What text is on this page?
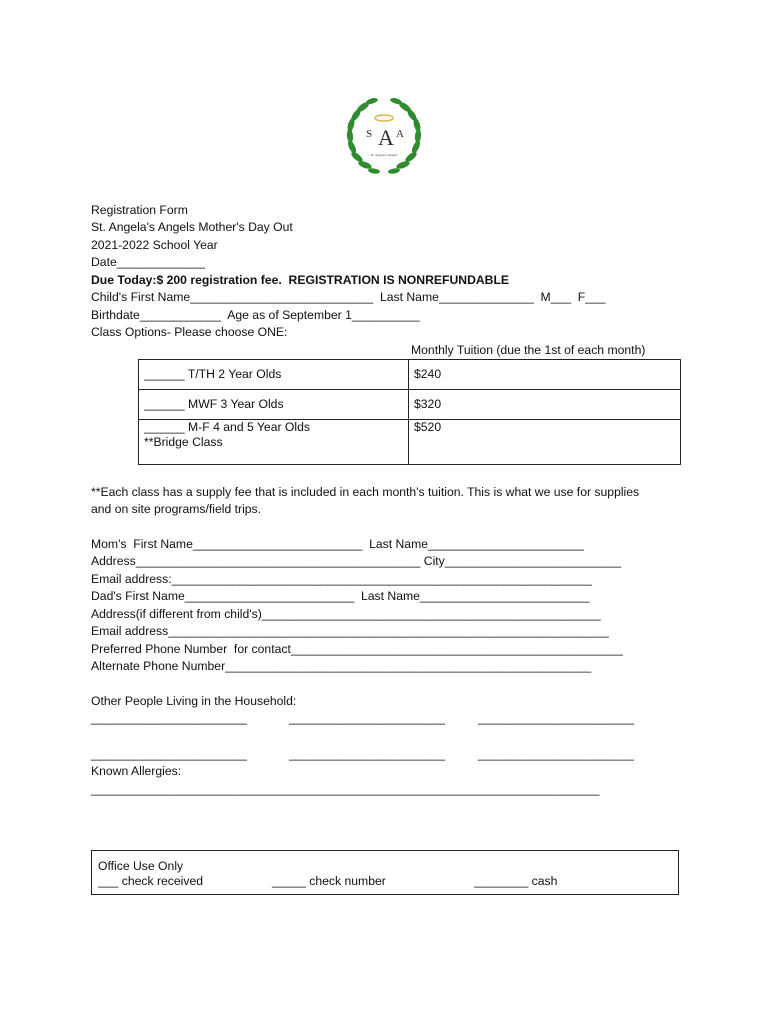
S A A
St. Angela's Angels
Registration Form
St. Angela's Angels Mother's Day Out
2021-2022 School Year
Date_____________
Due Today:$ 200 registration fee.  REGISTRATION IS NONREFUNDABLE
Child's First Name___________________________  Last Name______________  M___  F___
Birthdate____________  Age as of September 1__________
Class Options- Please choose ONE:
Monthly Tuition (due the 1st of each month)
______ T/TH 2 Year Olds	$240
______ MWF 3 Year Olds	$320

______ M-F 4 and 5 Year Olds
**Bridge Class	$520
**Each class has a supply fee that is included in each month's tuition. This is what we use for supplies
and on site programs/field trips.
Mom's  First Name_________________________  Last Name_______________________
Address__________________________________________ City__________________________
Email address:______________________________________________________________
Dad's First Name_________________________  Last Name_________________________
Address(if different from child's)__________________________________________________
Email address_________________________________________________________________
Preferred Phone Number  for contact_________________________________________________
Alternate Phone Number______________________________________________________
Other People Living in the Household:
_______________________	_______________________	_______________________
_______________________	_______________________	_______________________
Known Allergies:
___________________________________________________________________________
Office Use Only
___ check received	_____ check number	________ cash
